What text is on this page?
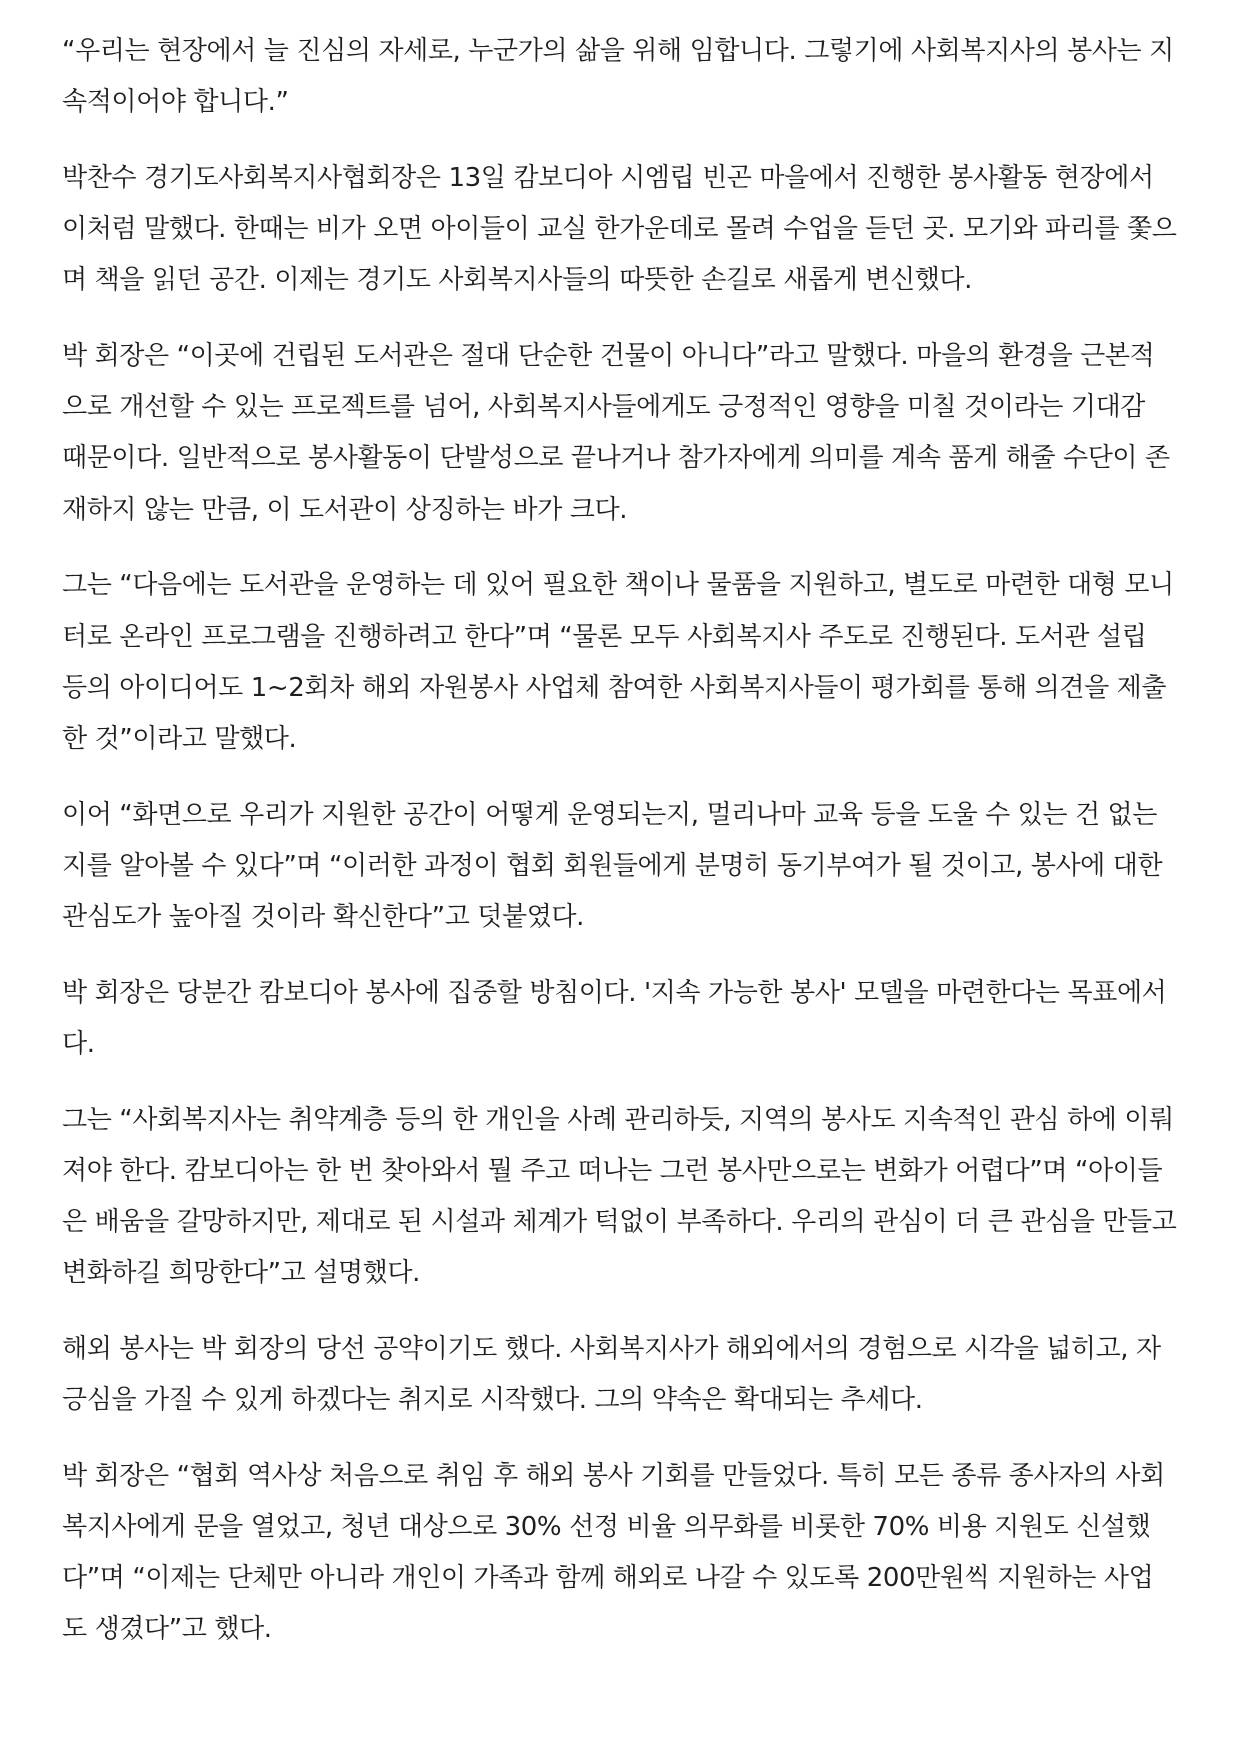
“우리는 현장에서 늘 진심의 자세로, 누군가의 삶을 위해 임합니다. 그렇기에 사회복지사의 봉사는 지
속적이어야 합니다.”
박찬수 경기도사회복지사협회장은 13일 캄보디아 시엠립 빈곤 마을에서 진행한 봉사활동 현장에서
이처럼 말했다. 한때는 비가 오면 아이들이 교실 한가운데로 몰려 수업을 듣던 곳. 모기와 파리를 쫓으
며 책을 읽던 공간. 이제는 경기도 사회복지사들의 따뜻한 손길로 새롭게 변신했다.
박 회장은 “이곳에 건립된 도서관은 절대 단순한 건물이 아니다”라고 말했다. 마을의 환경을 근본적
으로 개선할 수 있는 프로젝트를 넘어, 사회복지사들에게도 긍정적인 영향을 미칠 것이라는 기대감
때문이다. 일반적으로 봉사활동이 단발성으로 끝나거나 참가자에게 의미를 계속 품게 해줄 수단이 존
재하지 않는 만큼, 이 도서관이 상징하는 바가 크다.
그는 “다음에는 도서관을 운영하는 데 있어 필요한 책이나 물품을 지원하고, 별도로 마련한 대형 모니
터로 온라인 프로그램을 진행하려고 한다”며 “물론 모두 사회복지사 주도로 진행된다. 도서관 설립
등의 아이디어도 1~2회차 해외 자원봉사 사업체 참여한 사회복지사들이 평가회를 통해 의견을 제출
한 것”이라고 말했다.
이어 “화면으로 우리가 지원한 공간이 어떻게 운영되는지, 멀리나마 교육 등을 도울 수 있는 건 없는
지를 알아볼 수 있다”며 “이러한 과정이 협회 회원들에게 분명히 동기부여가 될 것이고, 봉사에 대한
관심도가 높아질 것이라 확신한다”고 덧붙였다.
박 회장은 당분간 캄보디아 봉사에 집중할 방침이다. '지속 가능한 봉사' 모델을 마련한다는 목표에서
다.
그는 “사회복지사는 취약계층 등의 한 개인을 사례 관리하듯, 지역의 봉사도 지속적인 관심 하에 이뤄
져야 한다. 캄보디아는 한 번 찾아와서 뭘 주고 떠나는 그런 봉사만으로는 변화가 어렵다”며 “아이들
은 배움을 갈망하지만, 제대로 된 시설과 체계가 턱없이 부족하다. 우리의 관심이 더 큰 관심을 만들고
변화하길 희망한다”고 설명했다.
해외 봉사는 박 회장의 당선 공약이기도 했다. 사회복지사가 해외에서의 경험으로 시각을 넓히고, 자
긍심을 가질 수 있게 하겠다는 취지로 시작했다. 그의 약속은 확대되는 추세다.
박 회장은 “협회 역사상 처음으로 취임 후 해외 봉사 기회를 만들었다. 특히 모든 종류 종사자의 사회
복지사에게 문을 열었고, 청년 대상으로 30% 선정 비율 의무화를 비롯한 70% 비용 지원도 신설했
다”며 “이제는 단체만 아니라 개인이 가족과 함께 해외로 나갈 수 있도록 200만원씩 지원하는 사업
도 생겼다”고 했다.
